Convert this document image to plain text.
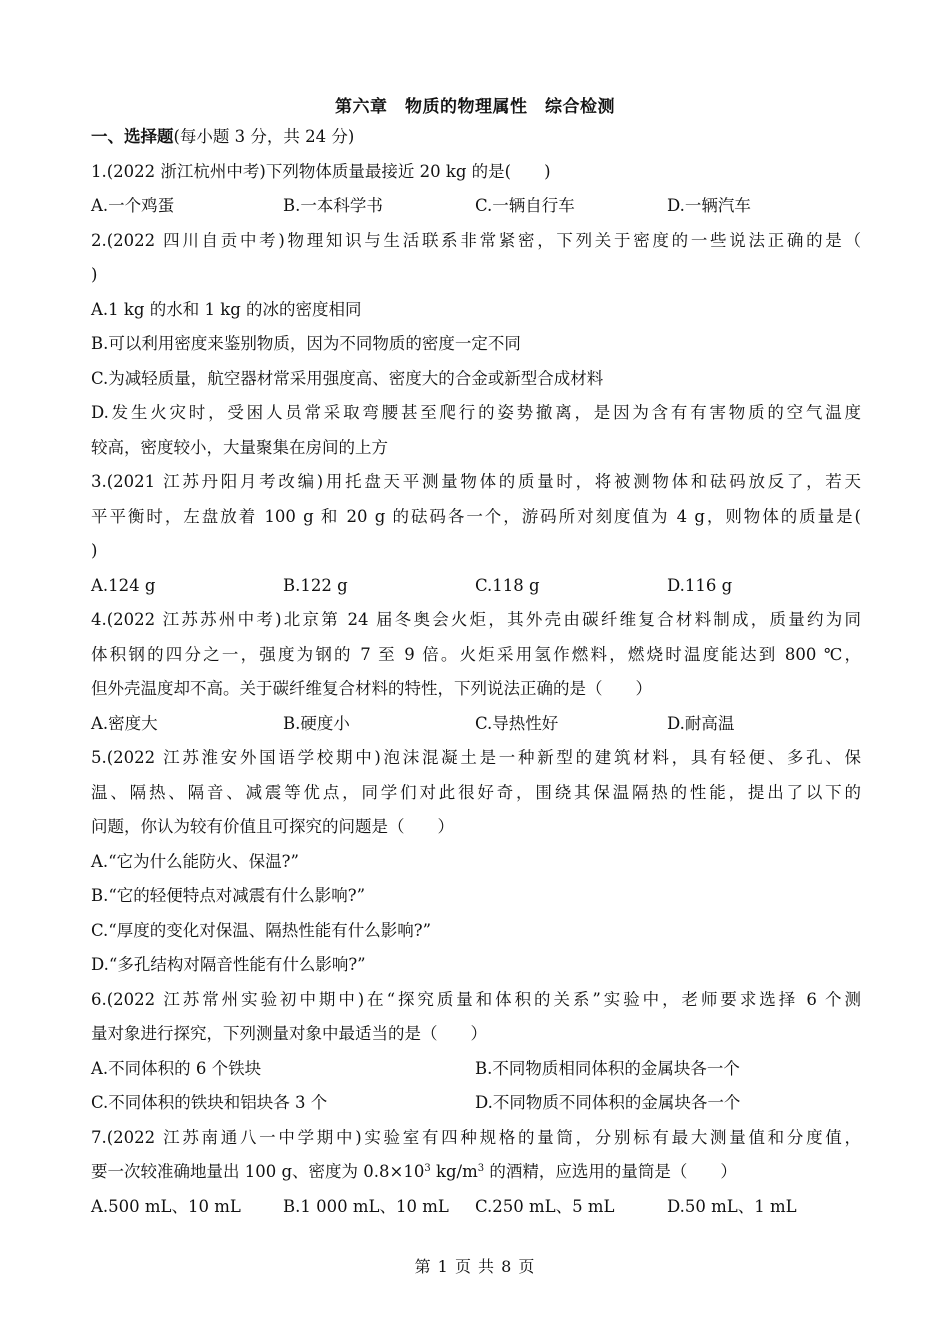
第六章　物质的物理属性　综合检测
一、选择题(每小题 3 分，共 24 分)
1.(2022 浙江杭州中考)下列物体质量最接近 20 kg 的是(　　)
A.一个鸡蛋	B.一本科学书	C.一辆自行车	D.一辆汽车
2.(2022 四川自贡中考)物理知识与生活联系非常紧密，下列关于密度的一些说法正确的是（
)
A.1 kg 的水和 1 kg 的冰的密度相同
B.可以利用密度来鉴别物质，因为不同物质的密度一定不同
C.为减轻质量，航空器材常采用强度高、密度大的合金或新型合成材料
D.发生火灾时，受困人员常采取弯腰甚至爬行的姿势撤离，是因为含有有害物质的空气温度
较高，密度较小，大量聚集在房间的上方
3.(2021 江苏丹阳月考改编)用托盘天平测量物体的质量时，将被测物体和砝码放反了，若天
平平衡时，左盘放着 100 g 和 20 g 的砝码各一个，游码所对刻度值为 4 g，则物体的质量是(
)
A.124 g	B.122 g	C.118 g	D.116 g
4.(2022 江苏苏州中考)北京第 24 届冬奥会火炬，其外壳由碳纤维复合材料制成，质量约为同
体积钢的四分之一，强度为钢的 7 至 9 倍。火炬采用氢作燃料，燃烧时温度能达到 800 ℃，
但外壳温度却不高。关于碳纤维复合材料的特性，下列说法正确的是（　　）
A.密度大	B.硬度小	C.导热性好	D.耐高温
5.(2022 江苏淮安外国语学校期中)泡沫混凝土是一种新型的建筑材料，具有轻便、多孔、保
温、隔热、隔音、减震等优点，同学们对此很好奇，围绕其保温隔热的性能，提出了以下的
问题，你认为较有价值且可探究的问题是（　　）
A.“它为什么能防火、保温?”
B.“它的轻便特点对减震有什么影响?”
C.“厚度的变化对保温、隔热性能有什么影响?”
D.“多孔结构对隔音性能有什么影响?”
6.(2022 江苏常州实验初中期中)在“探究质量和体积的关系”实验中，老师要求选择 6 个测
量对象进行探究，下列测量对象中最适当的是（　　）
A.不同体积的 6 个铁块	B.不同物质相同体积的金属块各一个
C.不同体积的铁块和铝块各 3 个	D.不同物质不同体积的金属块各一个
7.(2022 江苏南通八一中学期中)实验室有四种规格的量筒，分别标有最大测量值和分度值，
要一次较准确地量出 100 g、密度为 $0.8\times 10^3$ $kg/m^3$ 的酒精，应选用的量筒是（　　）
A.500 mL、10 mL	B.1 000 mL、10 mL	C.250 mL、5 mL	D.50 mL、1 mL
第 1 页 共 8 页
